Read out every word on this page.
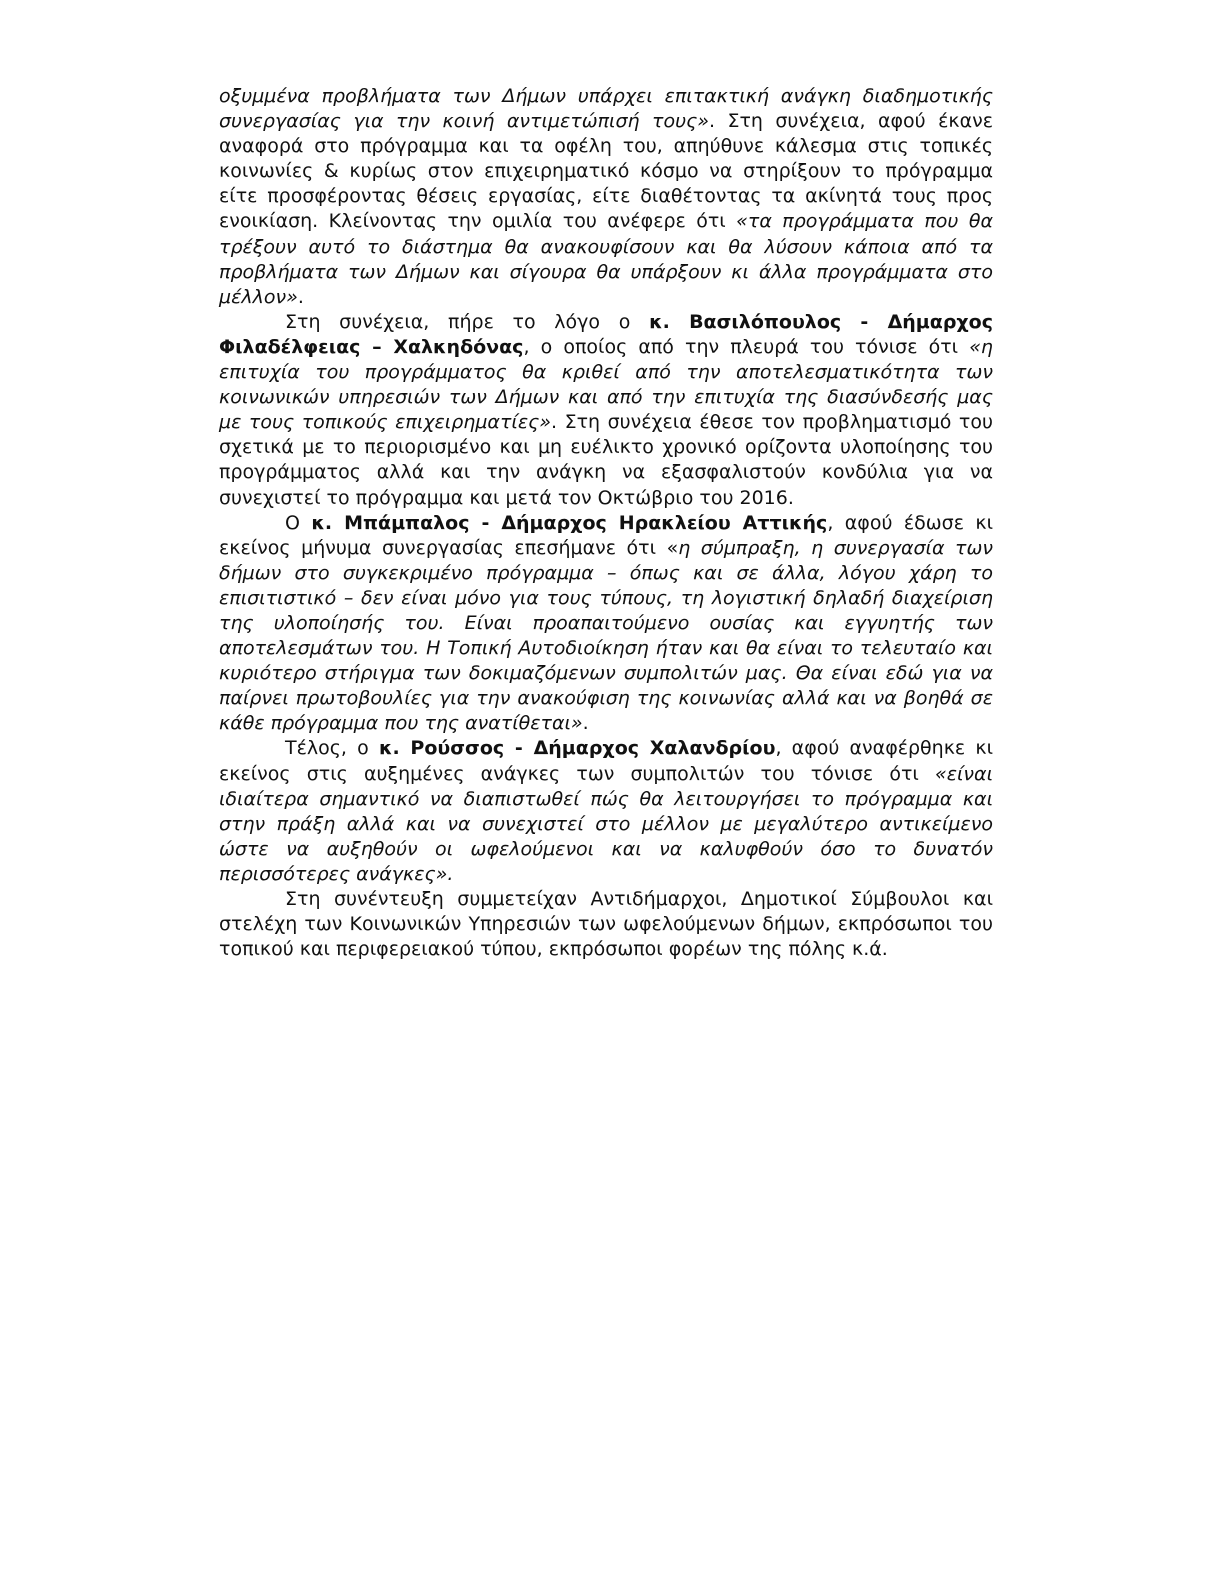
οξυμμένα προβλήματα των Δήμων υπάρχει επιτακτική ανάγκη διαδημοτικής συνεργασίας για την κοινή αντιμετώπισή τους». Στη συνέχεια, αφού έκανε αναφορά στο πρόγραμμα και τα οφέλη του, απηύθυνε κάλεσμα στις τοπικές κοινωνίες & κυρίως στον επιχειρηματικό κόσμο να στηρίξουν το πρόγραμμα είτε προσφέροντας θέσεις εργασίας, είτε διαθέτοντας τα ακίνητά τους προς ενοικίαση. Κλείνοντας την ομιλία του ανέφερε ότι «τα προγράμματα που θα τρέξουν αυτό το διάστημα θα ανακουφίσουν και θα λύσουν κάποια από τα προβλήματα των Δήμων και σίγουρα θα υπάρξουν κι άλλα προγράμματα στο μέλλον».

Στη συνέχεια, πήρε το λόγο ο κ. Βασιλόπουλος - Δήμαρχος Φιλαδέλφειας – Χαλκηδόνας, ο οποίος από την πλευρά του τόνισε ότι «η επιτυχία του προγράμματος θα κριθεί από την αποτελεσματικότητα των κοινωνικών υπηρεσιών των Δήμων και από την επιτυχία της διασύνδεσής μας με τους τοπικούς επιχειρηματίες». Στη συνέχεια έθεσε τον προβληματισμό του σχετικά με το περιορισμένο και μη ευέλικτο χρονικό ορίζοντα υλοποίησης του προγράμματος αλλά και την ανάγκη να εξασφαλιστούν κονδύλια για να συνεχιστεί το πρόγραμμα και μετά τον Οκτώβριο του 2016.

Ο κ. Μπάμπαλος - Δήμαρχος Ηρακλείου Αττικής, αφού έδωσε κι εκείνος μήνυμα συνεργασίας επεσήμανε ότι «η σύμπραξη, η συνεργασία των δήμων στο συγκεκριμένο πρόγραμμα – όπως και σε άλλα, λόγου χάρη το επισιτιστικό – δεν είναι μόνο για τους τύπους, τη λογιστική δηλαδή διαχείριση της υλοποίησής του. Είναι προαπαιτούμενο ουσίας και εγγυητής των αποτελεσμάτων του. Η Τοπική Αυτοδιοίκηση ήταν και θα είναι το τελευταίο και κυριότερο στήριγμα των δοκιμαζόμενων συμπολιτών μας. Θα είναι εδώ για να παίρνει πρωτοβουλίες για την ανακούφιση της κοινωνίας αλλά και να βοηθά σε κάθε πρόγραμμα που της ανατίθεται».

Τέλος, ο κ. Ρούσσος - Δήμαρχος Χαλανδρίου, αφού αναφέρθηκε κι εκείνος στις αυξημένες ανάγκες των συμπολιτών του τόνισε ότι «είναι ιδιαίτερα σημαντικό να διαπιστωθεί πώς θα λειτουργήσει το πρόγραμμα και στην πράξη αλλά και να συνεχιστεί στο μέλλον με μεγαλύτερο αντικείμενο ώστε να αυξηθούν οι ωφελούμενοι και να καλυφθούν όσο το δυνατόν περισσότερες ανάγκες».

Στη συνέντευξη συμμετείχαν Αντιδήμαρχοι, Δημοτικοί Σύμβουλοι και στελέχη των Κοινωνικών Υπηρεσιών των ωφελούμενων δήμων, εκπρόσωποι του τοπικού και περιφερειακού τύπου, εκπρόσωποι φορέων της πόλης κ.ά.
